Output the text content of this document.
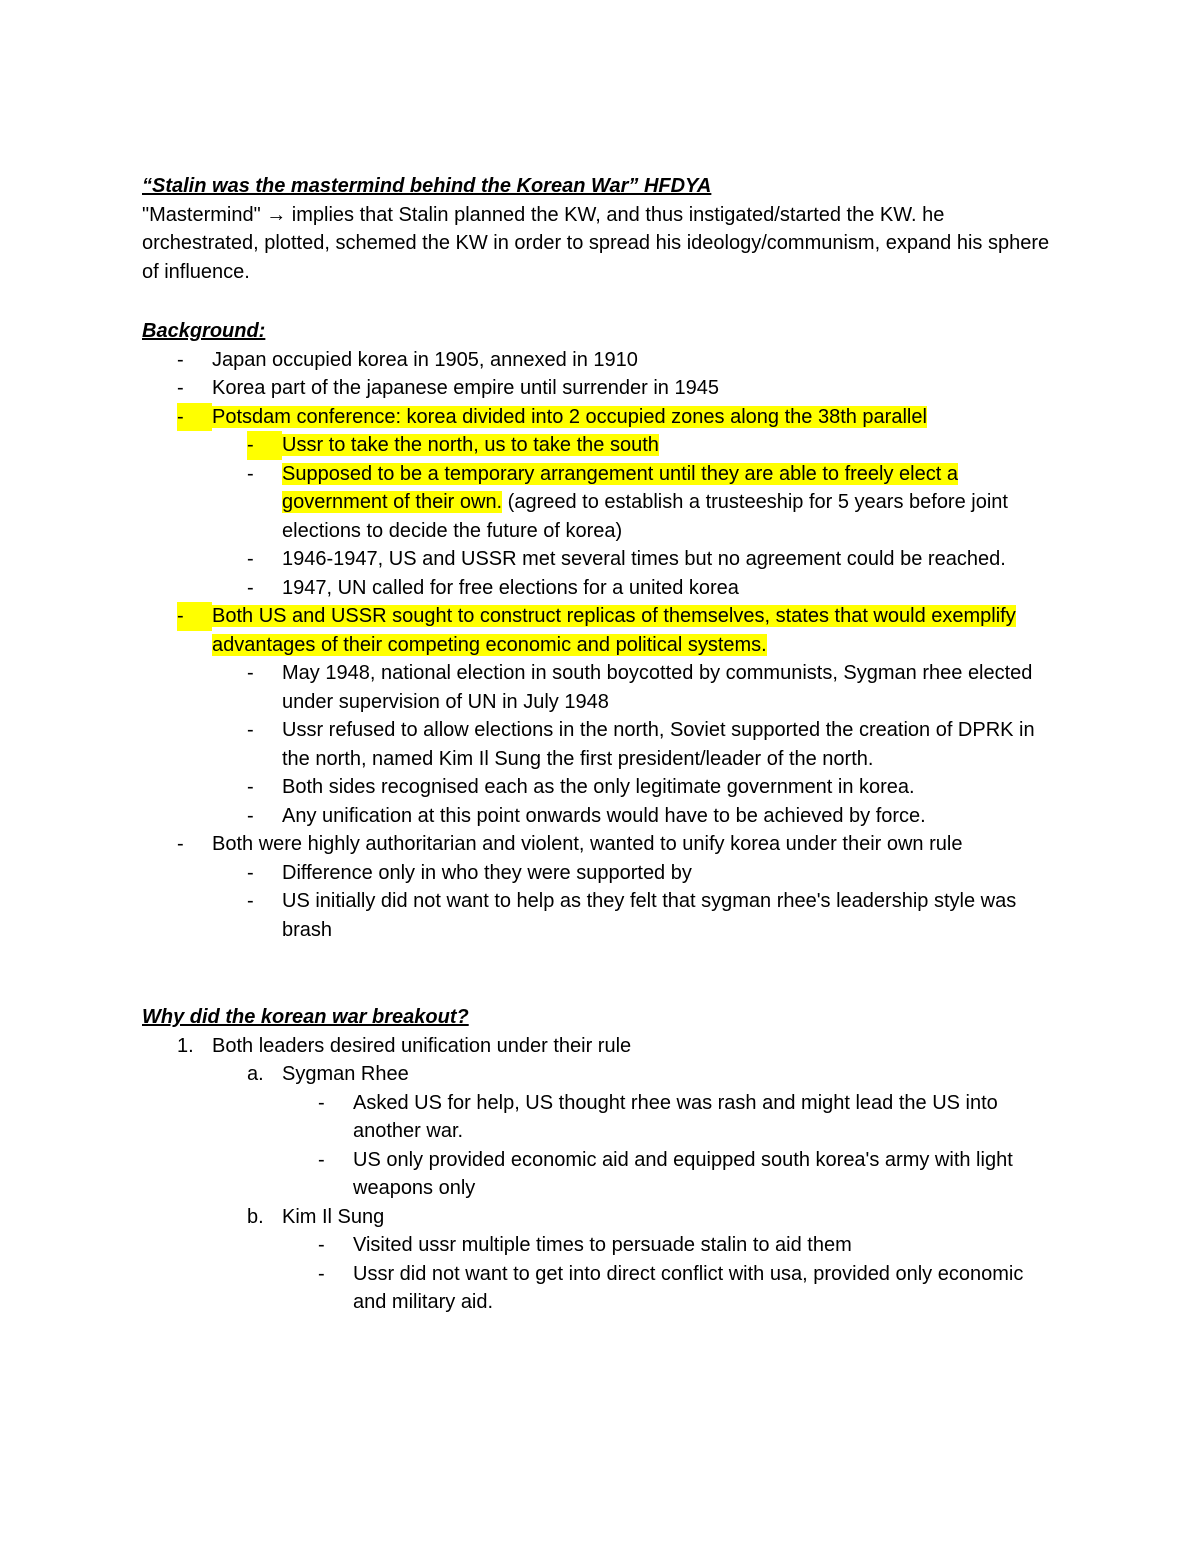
“Stalin was the mastermind behind the Korean War” HFDYA

"Mastermind" → implies that Stalin planned the KW, and thus instigated/started the KW. he orchestrated, plotted, schemed the KW in order to spread his ideology/communism, expand his sphere of influence.

Background:

-	Japan occupied korea in 1905, annexed in 1910
-	Korea part of the japanese empire until surrender in 1945
-	Potsdam conference: korea divided into 2 occupied zones along the 38th parallel
-	Ussr to take the north, us to take the south
-	Supposed to be a temporary arrangement until they are able to freely elect a government of their own. (agreed to establish a trusteeship for 5 years before joint elections to decide the future of korea)
-	1946-1947, US and USSR met several times but no agreement could be reached.
-	1947, UN called for free elections for a united korea
-	Both US and USSR sought to construct replicas of themselves, states that would exemplify advantages of their competing economic and political systems.
-	May 1948, national election in south boycotted by communists, Sygman rhee elected under supervision of UN in July 1948
-	Ussr refused to allow elections in the north, Soviet supported the creation of DPRK in the north, named Kim Il Sung the first president/leader of the north.
-	Both sides recognised each as the only legitimate government in korea.
-	Any unification at this point onwards would have to be achieved by force.
-	Both were highly authoritarian and violent, wanted to unify korea under their own rule
-	Difference only in who they were supported by
-	US initially did not want to help as they felt that sygman rhee's leadership style was brash

Why did the korean war breakout?

1. Both leaders desired unification under their rule
a. Sygman Rhee
-	Asked US for help, US thought rhee was rash and might lead the US into another war.
-	US only provided economic aid and equipped south korea's army with light weapons only
b. Kim Il Sung
-	Visited ussr multiple times to persuade stalin to aid them
-	Ussr did not want to get into direct conflict with usa, provided only economic and military aid.
